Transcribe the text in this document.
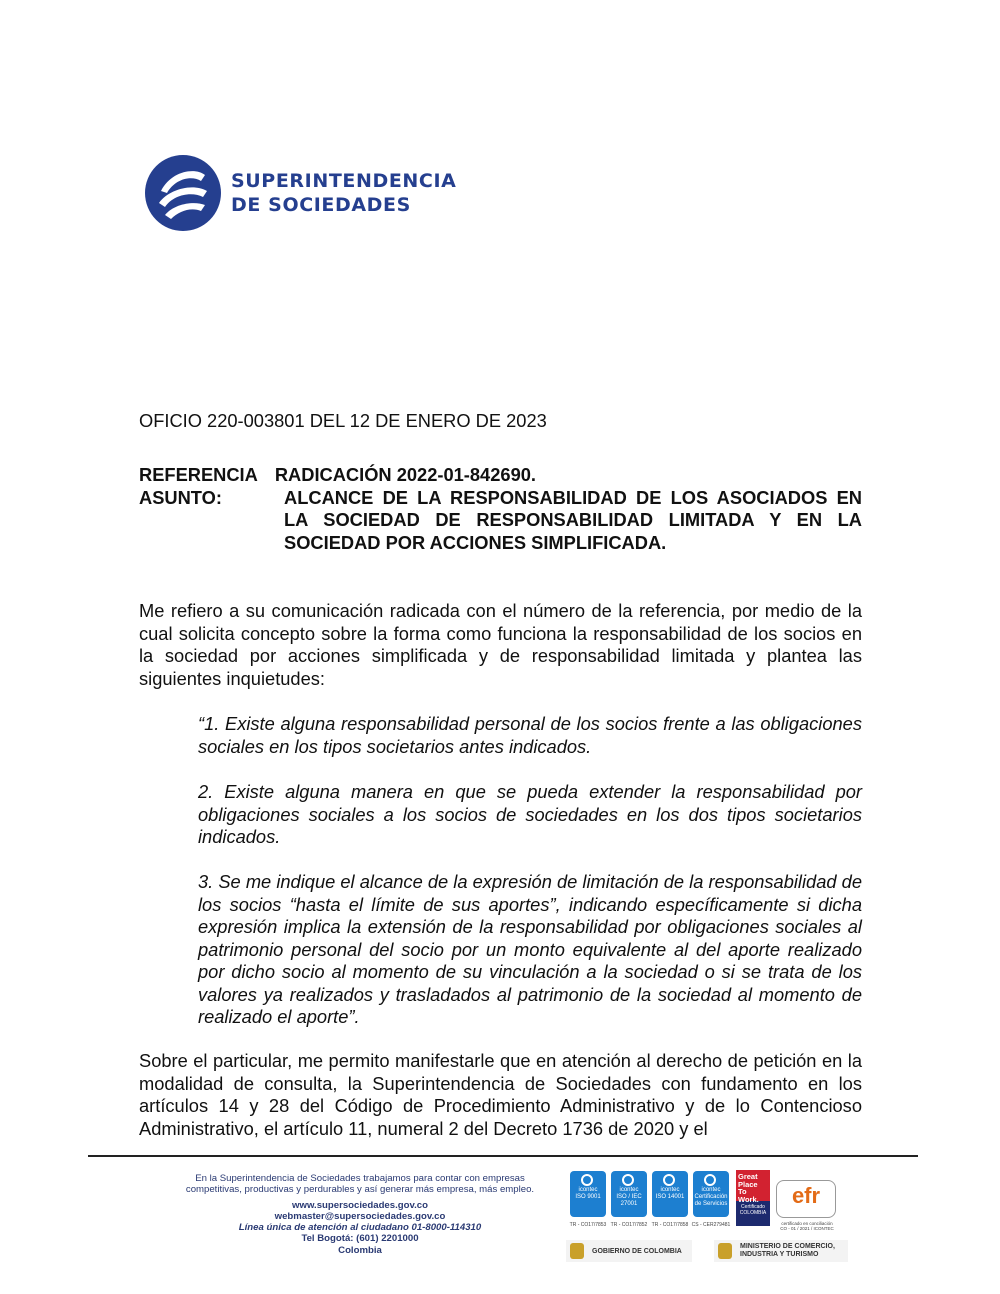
SUPERINTENDENCIA
DE SOCIEDADES
OFICIO 220-003801 DEL 12 DE ENERO DE 2023
REFERENCIA RADICACIÓN 2022-01-842690.
ASUNTO:	ALCANCE DE LA RESPONSABILIDAD DE LOS ASOCIADOS EN LA SOCIEDAD DE RESPONSABILIDAD LIMITADA Y EN LA SOCIEDAD POR ACCIONES SIMPLIFICADA.

Me refiero a su comunicación radicada con el número de la referencia, por medio de la cual solicita concepto sobre la forma como funciona la responsabilidad de los socios en la sociedad por acciones simplificada y de responsabilidad limitada y plantea las siguientes inquietudes:

“1. Existe alguna responsabilidad personal de los socios frente a las obligaciones sociales en los tipos societarios antes indicados.

2. Existe alguna manera en que se pueda extender la responsabilidad por obligaciones sociales a los socios de sociedades en los dos tipos societarios indicados.

3. Se me indique el alcance de la expresión de limitación de la responsabilidad de los socios “hasta el límite de sus aportes”, indicando específicamente si dicha expresión implica la extensión de la responsabilidad por obligaciones sociales al patrimonio personal del socio por un monto equivalente al del aporte realizado por dicho socio al momento de su vinculación a la sociedad o si se trata de los valores ya realizados y trasladados al patrimonio de la sociedad al momento de realizado el aporte”.

Sobre el particular, me permito manifestarle que en atención al derecho de petición en la modalidad de consulta, la Superintendencia de Sociedades con fundamento en los artículos 14 y 28 del Código de Procedimiento Administrativo y de lo Contencioso Administrativo, el artículo 11, numeral 2 del Decreto 1736 de 2020 y el

En la Superintendencia de Sociedades trabajamos para contar con empresas
competitivas, productivas y perdurables y así generar más empresa, más empleo.
www.supersociedades.gov.co
webmaster@supersociedades.gov.co
Línea única de atención al ciudadano 01-8000-114310
Tel Bogotá: (601) 2201000
Colombia
icontec
ISO 9001
TR - CO17/7853
icontec
ISO / IEC 27001
TR - CO17/7852
icontec
ISO 14001
TR - CO17/7858
icontec
Certificación de Servicios
CS - CER279481
Great Place To Work.
Certificado COLOMBIA
efr
certificado en conciliación
CO - 01 / 2021 / ICONTEC
GOBIERNO DE COLOMBIA
MINISTERIO DE COMERCIO,
INDUSTRIA Y TURISMO
